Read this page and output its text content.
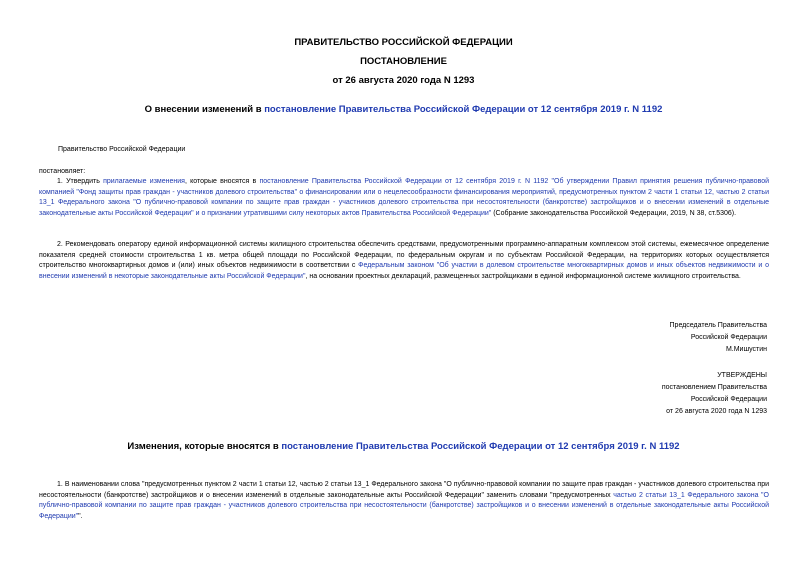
ПРАВИТЕЛЬСТВО РОССИЙСКОЙ ФЕДЕРАЦИИ
ПОСТАНОВЛЕНИЕ
от 26 августа 2020 года N 1293
О внесении изменений в постановление Правительства Российской Федерации от 12 сентября 2019 г. N 1192
Правительство Российской Федерации
постановляет:
1. Утвердить прилагаемые изменения, которые вносятся в постановление Правительства Российской Федерации от 12 сентября 2019 г. N 1192 "Об утверждении Правил принятия решения публично-правовой компанией "Фонд защиты прав граждан - участников долевого строительства" о финансировании или о нецелесообразности финансирования мероприятий, предусмотренных пунктом 2 части 1 статьи 12, частью 2 статьи 13_1 Федерального закона "О публично-правовой компании по защите прав граждан - участников долевого строительства при несостоятельности (банкротстве) застройщиков и о внесении изменений в отдельные законодательные акты Российской Федерации" и о признании утратившими силу некоторых актов Правительства Российской Федерации" (Собрание законодательства Российской Федерации, 2019, N 38, ст.5306).
2. Рекомендовать оператору единой информационной системы жилищного строительства обеспечить средствами, предусмотренными программно-аппаратным комплексом этой системы, ежемесячное определение показателя средней стоимости строительства 1 кв. метра общей площади по Российской Федерации, по федеральным округам и по субъектам Российской Федерации, на территориях которых осуществляется строительство многоквартирных домов и (или) иных объектов недвижимости в соответствии с Федеральным законом "Об участии в долевом строительстве многоквартирных домов и иных объектов недвижимости и о внесении изменений в некоторые законодательные акты Российской Федерации", на основании проектных деклараций, размещенных застройщиками в единой информационной системе жилищного строительства.
Председатель Правительства
Российской Федерации
М.Мишустин
УТВЕРЖДЕНЫ
постановлением Правительства
Российской Федерации
от 26 августа 2020 года N 1293
Изменения, которые вносятся в постановление Правительства Российской Федерации от 12 сентября 2019 г. N 1192
1. В наименовании слова "предусмотренных пунктом 2 части 1 статьи 12, частью 2 статьи 13_1 Федерального закона "О публично-правовой компании по защите прав граждан - участников долевого строительства при несостоятельности (банкротстве) застройщиков и о внесении изменений в отдельные законодательные акты Российской Федерации" заменить словами "предусмотренных частью 2 статьи 13_1 Федерального закона "О публично-правовой компании по защите прав граждан - участников долевого строительства при несостоятельности (банкротстве) застройщиков и о внесении изменений в отдельные законодательные акты Российской Федерации"".
